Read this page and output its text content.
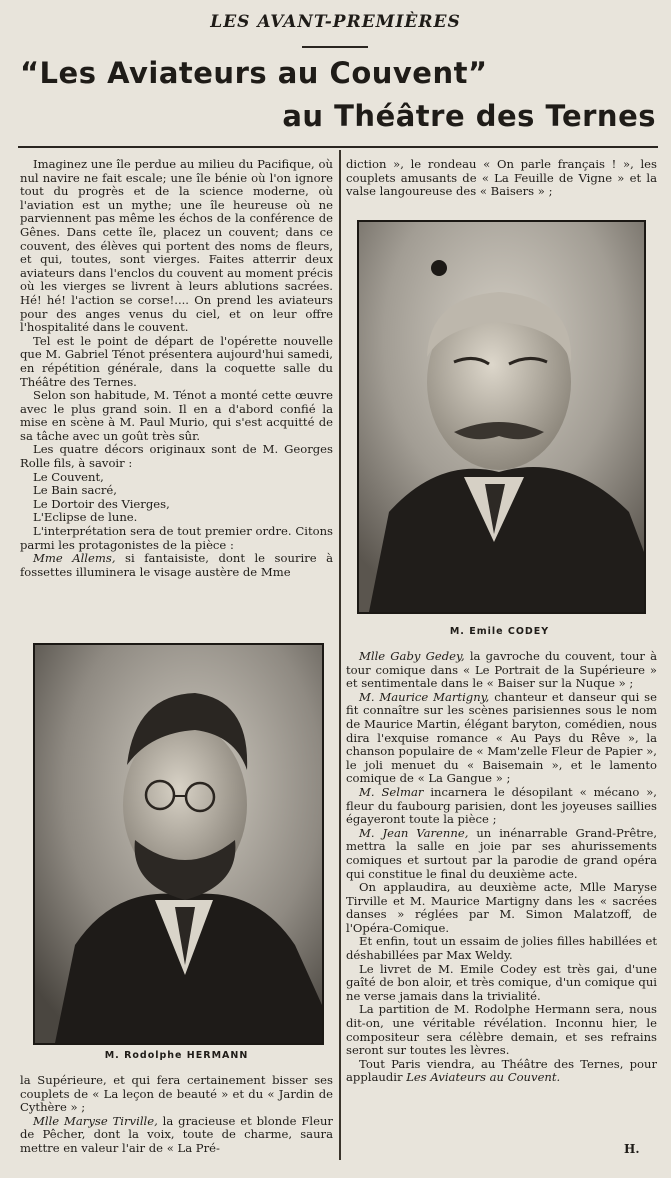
LES AVANT-PREMIÈRES
“Les Aviateurs au Couvent”
au Théâtre des Ternes

Imaginez une île perdue au milieu du Pacifique, où nul navire ne fait escale; une île bénie où l'on ignore tout du progrès et de la science moderne, où l'aviation est un mythe; une île heureuse où ne parviennent pas même les échos de la conférence de Gênes. Dans cette île, placez un couvent; dans ce couvent, des élèves qui portent des noms de fleurs, et qui, toutes, sont vierges. Faites atterrir deux aviateurs dans l'enclos du couvent au moment précis où les vierges se livrent à leurs ablutions sacrées. Hé! hé! l'action se corse!.... On prend les aviateurs pour des anges venus du ciel, et on leur offre l'hospitalité dans le couvent.

Tel est le point de départ de l'opérette nouvelle que M. Gabriel Ténot présentera aujourd'hui samedi, en répétition générale, dans la coquette salle du Théâtre des Ternes.

Selon son habitude, M. Ténot a monté cette œuvre avec le plus grand soin. Il en a d'abord confié la mise en scène à M. Paul Murio, qui s'est acquitté de sa tâche avec un goût très sûr.

Les quatre décors originaux sont de M. Georges Rolle fils, à savoir :

Le Couvent,

Le Bain sacré,

Le Dortoir des Vierges,

L'Eclipse de lune.

L'interprétation sera de tout premier ordre. Citons parmi les protagonistes de la pièce :

Mme Allems, si fantaisiste, dont le sourire à fossettes illuminera le visage austère de Mme

M. Rodolphe HERMANN

la Supérieure, et qui fera certainement bisser ses couplets de « La leçon de beauté » et du « Jardin de Cythère » ;

Mlle Maryse Tirville, la gracieuse et blonde Fleur de Pêcher, dont la voix, toute de charme, saura mettre en valeur l'air de « La Pré-

diction », le rondeau « On parle français ! », les couplets amusants de « La Feuille de Vigne » et la valse langoureuse des « Baisers » ;

M. Emile CODEY

Mlle Gaby Gedey, la gavroche du couvent, tour à tour comique dans « Le Portrait de la Supérieure » et sentimentale dans le « Baiser sur la Nuque » ;

M. Maurice Martigny, chanteur et danseur qui se fit connaître sur les scènes parisiennes sous le nom de Maurice Martin, élégant baryton, comédien, nous dira l'exquise romance « Au Pays du Rêve », la chanson populaire de « Mam'zelle Fleur de Papier », le joli menuet du « Baisemain », et le lamento comique de « La Gangue » ;

M. Selmar incarnera le désopilant « mécano », fleur du faubourg parisien, dont les joyeuses saillies égayeront toute la pièce ;

M. Jean Varenne, un inénarrable Grand-Prêtre, mettra la salle en joie par ses ahurissements comiques et surtout par la parodie de grand opéra qui constitue le final du deuxième acte.

On applaudira, au deuxième acte, Mlle Maryse Tirville et M. Maurice Martigny dans les « sacrées danses » réglées par M. Simon Malatzoff, de l'Opéra-Comique.

Et enfin, tout un essaim de jolies filles habillées et déshabillées par Max Weldy.

Le livret de M. Emile Codey est très gai, d'une gaîté de bon aloir, et très comique, d'un comique qui ne verse jamais dans la trivialité.

La partition de M. Rodolphe Hermann sera, nous dit-on, une véritable révélation. Inconnu hier, le compositeur sera célèbre demain, et ses refrains seront sur toutes les lèvres.

Tout Paris viendra, au Théâtre des Ternes, pour applaudir Les Aviateurs au Couvent.

H.
